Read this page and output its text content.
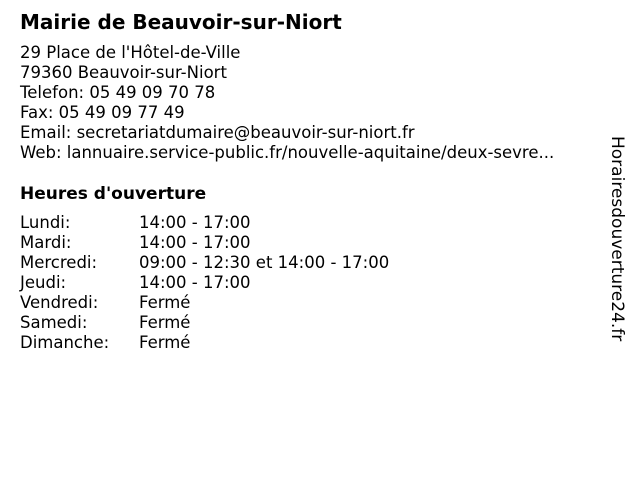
Mairie de Beauvoir-sur-Niort
29 Place de l'Hôtel-de-Ville
79360 Beauvoir-sur-Niort
Telefon: 05 49 09 70 78
Fax: 05 49 09 77 49
Email: secretariatdumaire@beauvoir-sur-niort.fr
Web: lannuaire.service-public.fr/nouvelle-aquitaine/deux-sevre...
Heures d'ouverture
Lundi:	14:00 - 17:00
Mardi:	14:00 - 17:00
Mercredi:	09:00 - 12:30 et 14:00 - 17:00
Jeudi:	14:00 - 17:00
Vendredi: Fermé
Samedi:	Fermé
Dimanche: Fermé
Horairesdouverture24.fr
